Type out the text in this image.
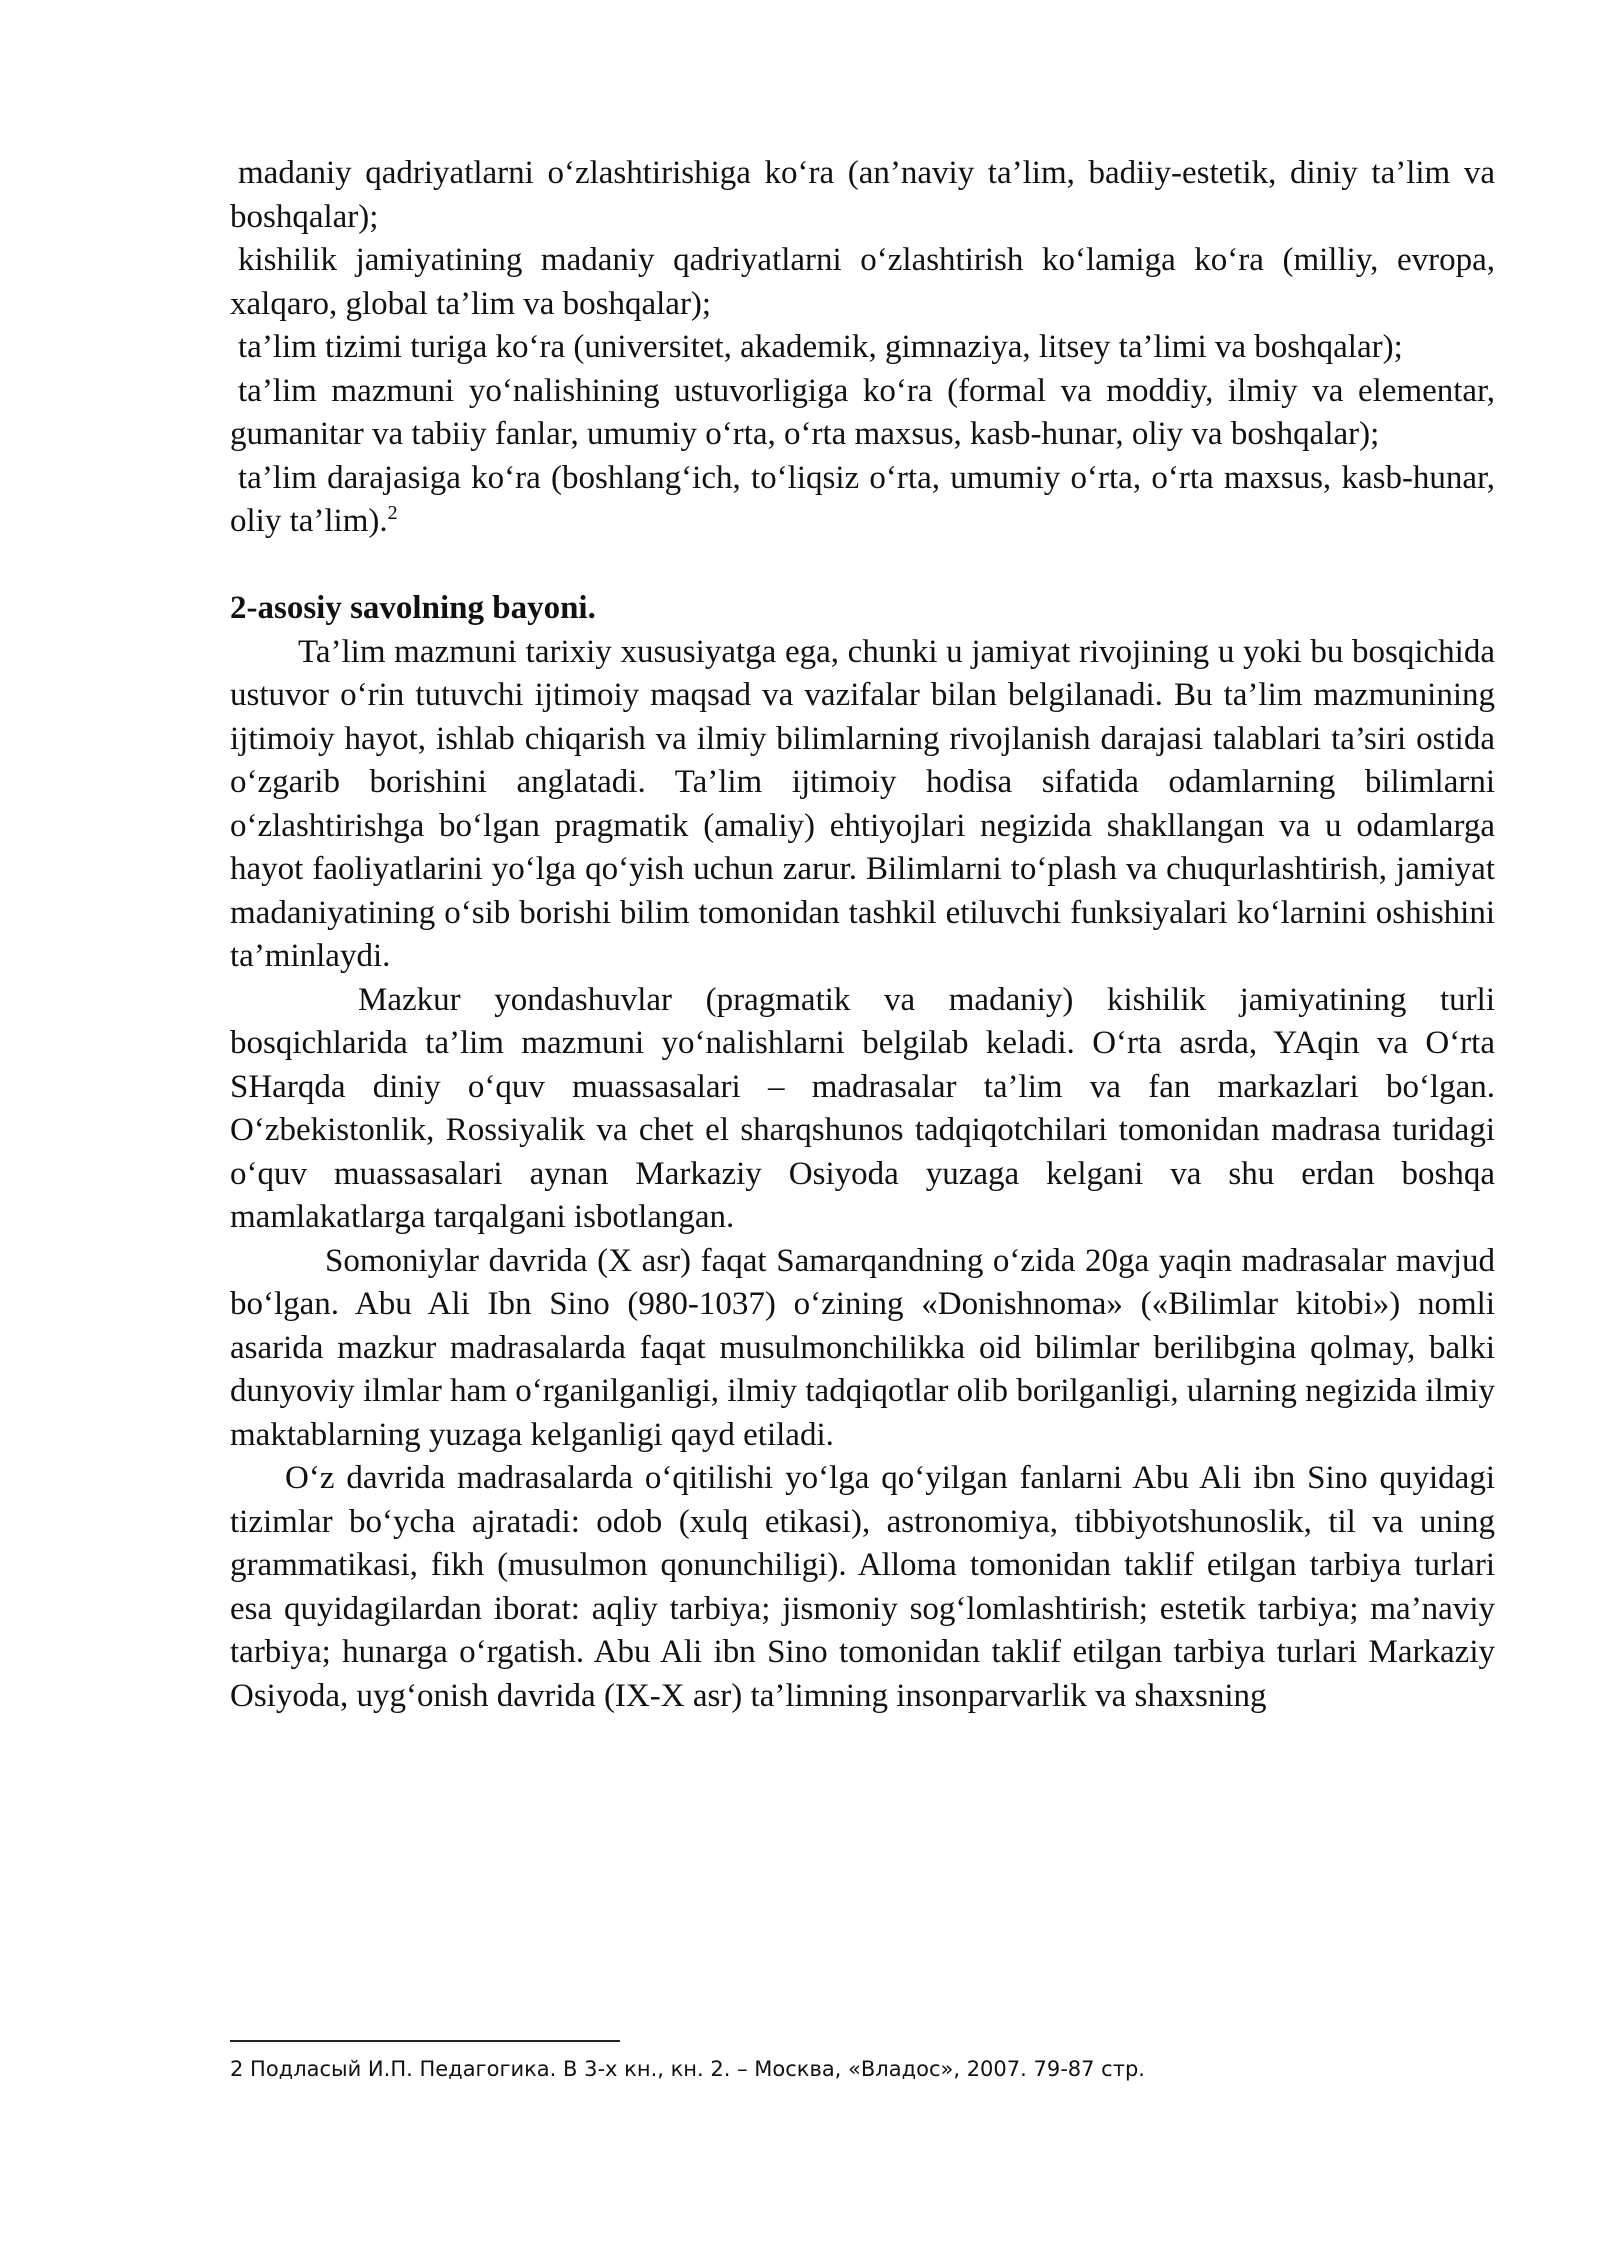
madaniy qadriyatlarni oʻzlashtirishiga koʻra (an’naviy ta’lim, badiiy-estetik, diniy ta’lim va boshqalar);

kishilik jamiyatining madaniy qadriyatlarni oʻzlashtirish koʻlamiga koʻra (milliy, evropa, xalqaro, global ta’lim va boshqalar);

ta’lim tizimi turiga koʻra (universitet, akademik, gimnaziya, litsey ta’limi va boshqalar);

ta’lim mazmuni yoʻnalishining ustuvorligiga koʻra (formal va moddiy, ilmiy va elementar, gumanitar va tabiiy fanlar, umumiy oʻrta, oʻrta maxsus, kasb-hunar, oliy va boshqalar);

ta’lim darajasiga koʻra (boshlangʻich, toʻliqsiz oʻrta, umumiy oʻrta, oʻrta maxsus, kasb-hunar, oliy ta’lim).$^2$

2-asosiy savolning bayoni.

Ta’lim mazmuni tarixiy xususiyatga ega, chunki u jamiyat rivojining u yoki bu bosqichida ustuvor oʻrin tutuvchi ijtimoiy maqsad va vazifalar bilan belgilanadi. Bu ta’lim mazmunining ijtimoiy hayot, ishlab chiqarish va ilmiy bilimlarning rivojlanish darajasi talablari ta’siri ostida oʻzgarib borishini anglatadi. Ta’lim ijtimoiy hodisa sifatida odamlarning bilimlarni oʻzlashtirishga boʻlgan pragmatik (amaliy) ehtiyojlari negizida shakllangan va u odamlarga hayot faoliyatlarini yoʻlga qoʻyish uchun zarur. Bilimlarni toʻplash va chuqurlashtirish, jamiyat madaniyatining oʻsib borishi bilim tomonidan tashkil etiluvchi funksiyalari koʻlarnini oshishini ta’minlaydi.

Mazkur yondashuvlar (pragmatik va madaniy) kishilik jamiyatining turli bosqichlarida ta’lim mazmuni yoʻnalishlarni belgilab keladi. Oʻrta asrda, YAqin va Oʻrta SHarqda diniy oʻquv muassasalari – madrasalar ta’lim va fan markazlari boʻlgan. Oʻzbekistonlik, Rossiyalik va chet el sharqshunos tadqiqotchilari tomonidan madrasa turidagi oʻquv muassasalari aynan Markaziy Osiyoda yuzaga kelgani va shu erdan boshqa mamlakatlarga tarqalgani isbotlangan.

Somoniylar davrida (X asr) faqat Samarqandning oʻzida 20ga yaqin madrasalar mavjud boʻlgan. Abu Ali Ibn Sino (980-1037) oʻzining «Donishnoma» («Bilimlar kitobi») nomli asarida mazkur madrasalarda faqat musulmonchilikka oid bilimlar berilibgina qolmay, balki dunyoviy ilmlar ham oʻrganilganligi, ilmiy tadqiqotlar olib borilganligi, ularning negizida ilmiy maktablarning yuzaga kelganligi qayd etiladi.

Oʻz davrida madrasalarda oʻqitilishi yoʻlga qoʻyilgan fanlarni Abu Ali ibn Sino quyidagi tizimlar boʻycha ajratadi: odob (xulq etikasi), astronomiya, tibbiyotshunoslik, til va uning grammatikasi, fikh (musulmon qonunchiligi). Alloma tomonidan taklif etilgan tarbiya turlari esa quyidagilardan iborat: aqliy tarbiya; jismoniy sogʻlomlashtirish; estetik tarbiya; ma’naviy tarbiya; hunarga oʻrgatish. Abu Ali ibn Sino tomonidan taklif etilgan tarbiya turlari Markaziy Osiyoda, uygʻonish davrida (IX-X asr) ta’limning insonparvarlik va shaxsning

2 Подласый И.П. Педагогика. В 3-х кн., кн. 2. – Москва, «Владос», 2007. 79-87 стр.
